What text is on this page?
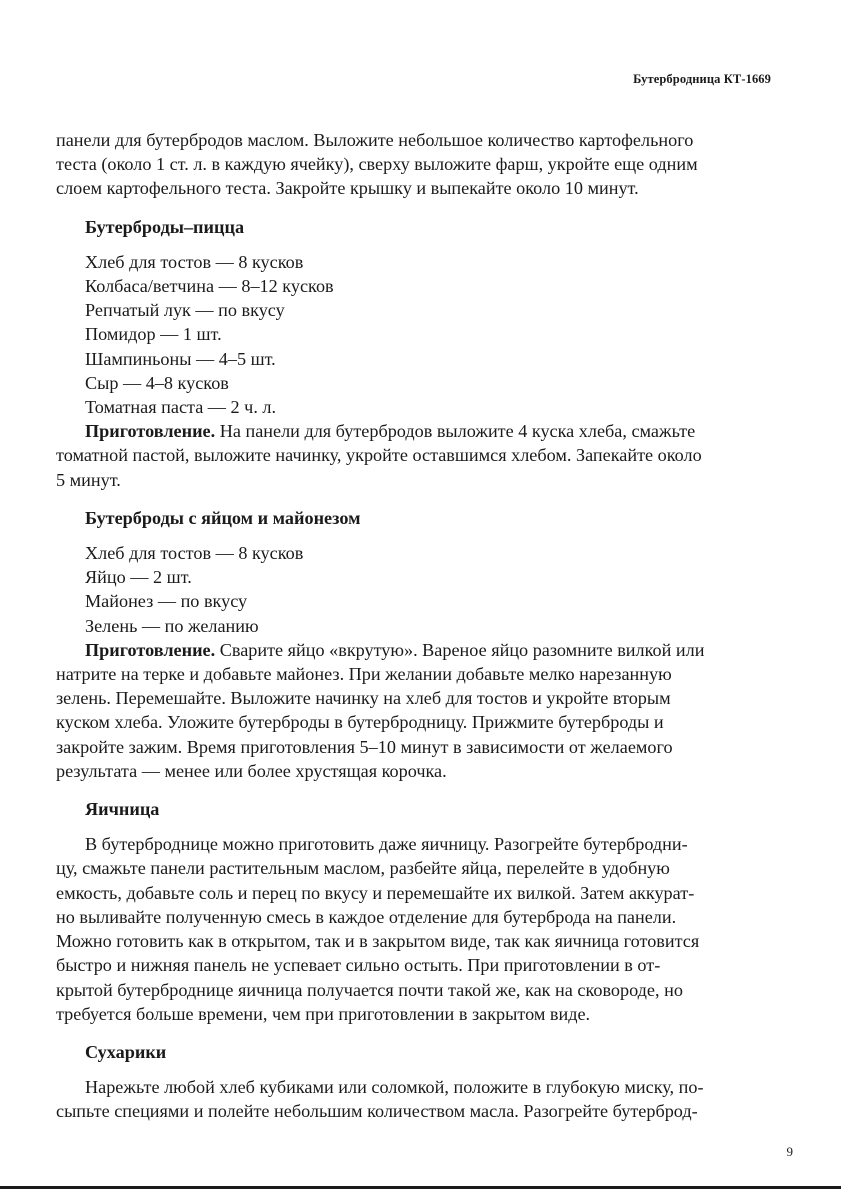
Бутербродница КТ-1669
панели для бутербродов маслом. Выложите небольшое количество картофельного
теста (около 1 ст. л. в каждую ячейку), сверху выложите фарш, укройте еще одним
слоем картофельного теста. Закройте крышку и выпекайте около 10 минут.
Бутерброды–пицца
Хлеб для тостов — 8 кусков
Колбаса/ветчина — 8–12 кусков
Репчатый лук — по вкусу
Помидор — 1 шт.
Шампиньоны — 4–5 шт.
Сыр — 4–8 кусков
Томатная паста — 2 ч. л.
Приготовление. На панели для бутербродов выложите 4 куска хлеба, смажьте
томатной пастой, выложите начинку, укройте оставшимся хлебом. Запекайте около
5 минут.
Бутерброды с яйцом и майонезом
Хлеб для тостов — 8 кусков
Яйцо — 2 шт.
Майонез — по вкусу
Зелень — по желанию
Приготовление. Сварите яйцо «вкрутую». Вареное яйцо разомните вилкой или
натрите на терке и добавьте майонез. При желании добавьте мелко нарезанную
зелень. Перемешайте. Выложите начинку на хлеб для тостов и укройте вторым
куском хлеба. Уложите бутерброды в бутербродницу. Прижмите бутерброды и
закройте зажим. Время приготовления 5–10 минут в зависимости от желаемого
результата — менее или более хрустящая корочка.
Яичница
В бутербродницe можно приготовить даже яичницу. Разогрейте бутербродни-
цу, смажьте панели растительным маслом, разбейте яйца, перелейте в удобную
емкость, добавьте соль и перец по вкусу и перемешайте их вилкой. Затем аккурат-
но выливайте полученную смесь в каждое отделение для бутерброда на панели.
Можно готовить как в открытом, так и в закрытом виде, так как яичница готовится
быстро и нижняя панель не успевает сильно остыть. При приготовлении в от-
крытой бутерброднице яичница получается почти такой же, как на сковороде, но
требуется больше времени, чем при приготовлении в закрытом виде.
Сухарики
Нарежьте любой хлеб кубиками или соломкой, положите в глубокую миску, по-
сыпьте специями и полейте небольшим количеством масла. Разогрейте бутерброд-
9
